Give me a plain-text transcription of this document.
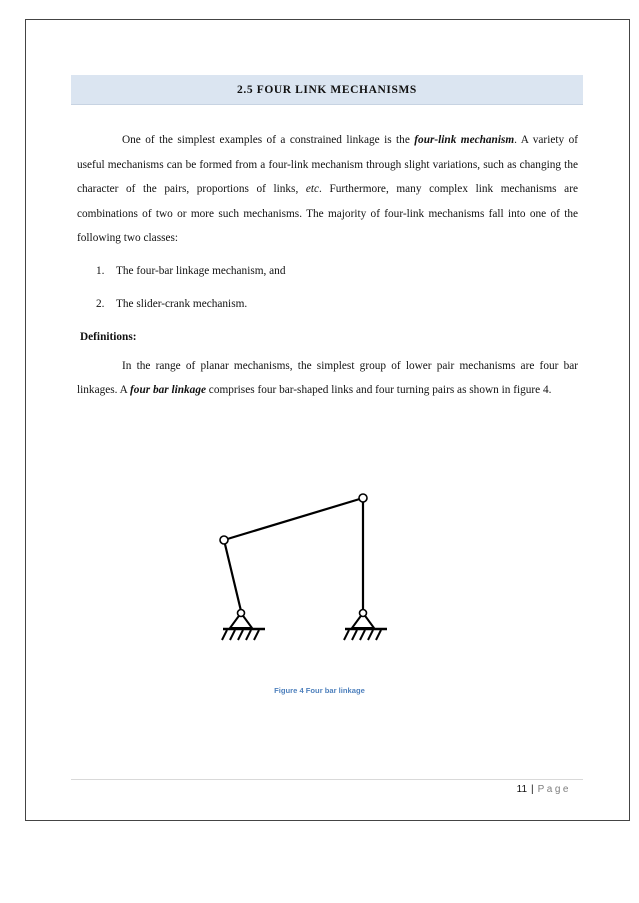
2.5 FOUR LINK MECHANISMS

One of the simplest examples of a constrained linkage is the four-link mechanism. A variety of useful mechanisms can be formed from a four-link mechanism through slight variations, such as changing the character of the pairs, proportions of links, etc. Furthermore, many complex link mechanisms are combinations of two or more such mechanisms. The majority of four-link mechanisms fall into one of the following two classes:

1. The four-bar linkage mechanism, and
2. The slider-crank mechanism.

Definitions:

In the range of planar mechanisms, the simplest group of lower pair mechanisms are four bar linkages. A four bar linkage comprises four bar-shaped links and four turning pairs as shown in figure 4.

Figure 4 Four bar linkage
11 | Page
